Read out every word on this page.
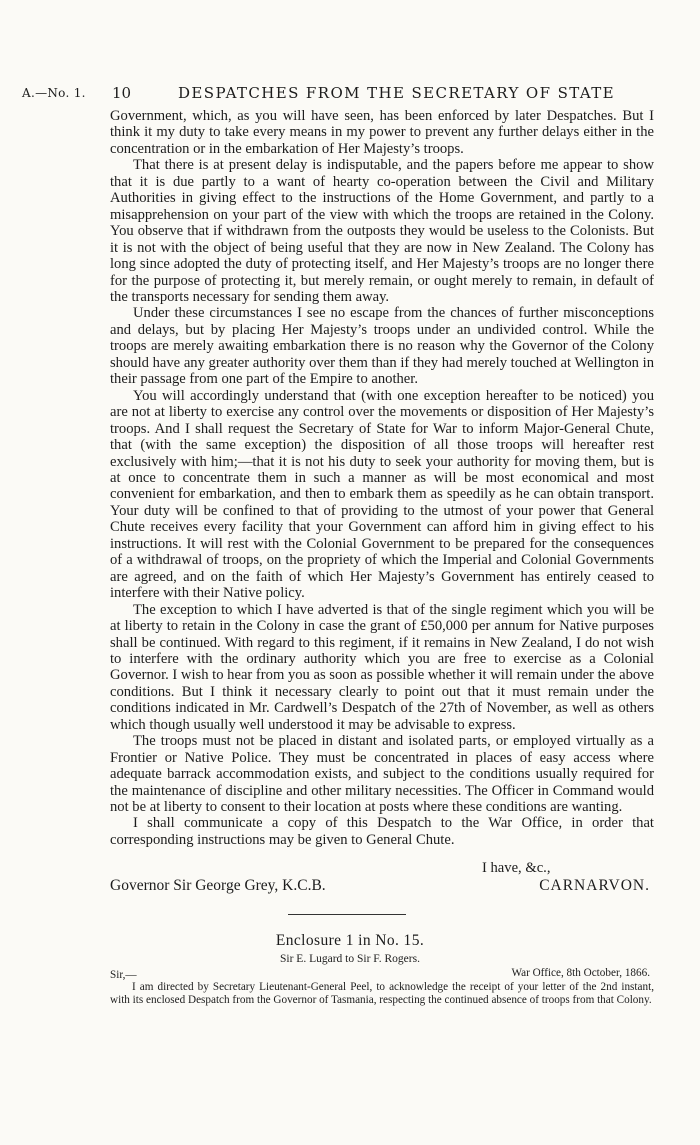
A.—No. 1. 10	DESPATCHES FROM THE SECRETARY OF STATE

Government, which, as you will have seen, has been enforced by later Despatches. But I think it my duty to take every means in my power to prevent any further delays either in the concentration or in the embarkation of Her Majesty’s troops.

That there is at present delay is indisputable, and the papers before me appear to show that it is due partly to a want of hearty co-operation between the Civil and Military Authorities in giving effect to the instructions of the Home Government, and partly to a misapprehension on your part of the view with which the troops are retained in the Colony. You observe that if withdrawn from the outposts they would be useless to the Colonists. But it is not with the object of being useful that they are now in New Zealand. The Colony has long since adopted the duty of protecting itself, and Her Majesty’s troops are no longer there for the purpose of protecting it, but merely remain, or ought merely to remain, in default of the transports necessary for sending them away.

Under these circumstances I see no escape from the chances of further misconceptions and delays, but by placing Her Majesty’s troops under an undivided control. While the troops are merely awaiting embarkation there is no reason why the Governor of the Colony should have any greater authority over them than if they had merely touched at Wellington in their passage from one part of the Empire to another.

You will accordingly understand that (with one exception hereafter to be noticed) you are not at liberty to exercise any control over the movements or disposition of Her Majesty’s troops. And I shall request the Secretary of State for War to inform Major-General Chute, that (with the same exception) the disposition of all those troops will hereafter rest exclusively with him;—that it is not his duty to seek your authority for moving them, but is at once to concentrate them in such a manner as will be most economical and most convenient for embarkation, and then to embark them as speedily as he can obtain transport. Your duty will be confined to that of providing to the utmost of your power that General Chute receives every facility that your Government can afford him in giving effect to his instructions. It will rest with the Colonial Government to be prepared for the consequences of a withdrawal of troops, on the propriety of which the Imperial and Colonial Governments are agreed, and on the faith of which Her Majesty’s Government has entirely ceased to interfere with their Native policy.

The exception to which I have adverted is that of the single regiment which you will be at liberty to retain in the Colony in case the grant of £50,000 per annum for Native purposes shall be continued. With regard to this regiment, if it remains in New Zealand, I do not wish to interfere with the ordinary authority which you are free to exercise as a Colonial Governor. I wish to hear from you as soon as possible whether it will remain under the above conditions. But I think it necessary clearly to point out that it must remain under the conditions indicated in Mr. Cardwell’s Despatch of the 27th of November, as well as others which though usually well understood it may be advisable to express.

The troops must not be placed in distant and isolated parts, or employed virtually as a Frontier or Native Police. They must be concentrated in places of easy access where adequate barrack accommodation exists, and subject to the conditions usually required for the maintenance of discipline and other military necessities. The Officer in Command would not be at liberty to consent to their location at posts where these conditions are wanting.

I shall communicate a copy of this Despatch to the War Office, in order that corresponding instructions may be given to General Chute.

I have, &c.,
Governor Sir George Grey, K.C.B.	CARNARVON.
Enclosure 1 in No. 15.
Sir E. Lugard to Sir F. Rogers.
Sir,—	War Office, 8th October, 1866.
I am directed by Secretary Lieutenant-General Peel, to acknowledge the receipt of your letter of the 2nd instant, with its enclosed Despatch from the Governor of Tasmania, respecting the continued absence of troops from that Colony.
